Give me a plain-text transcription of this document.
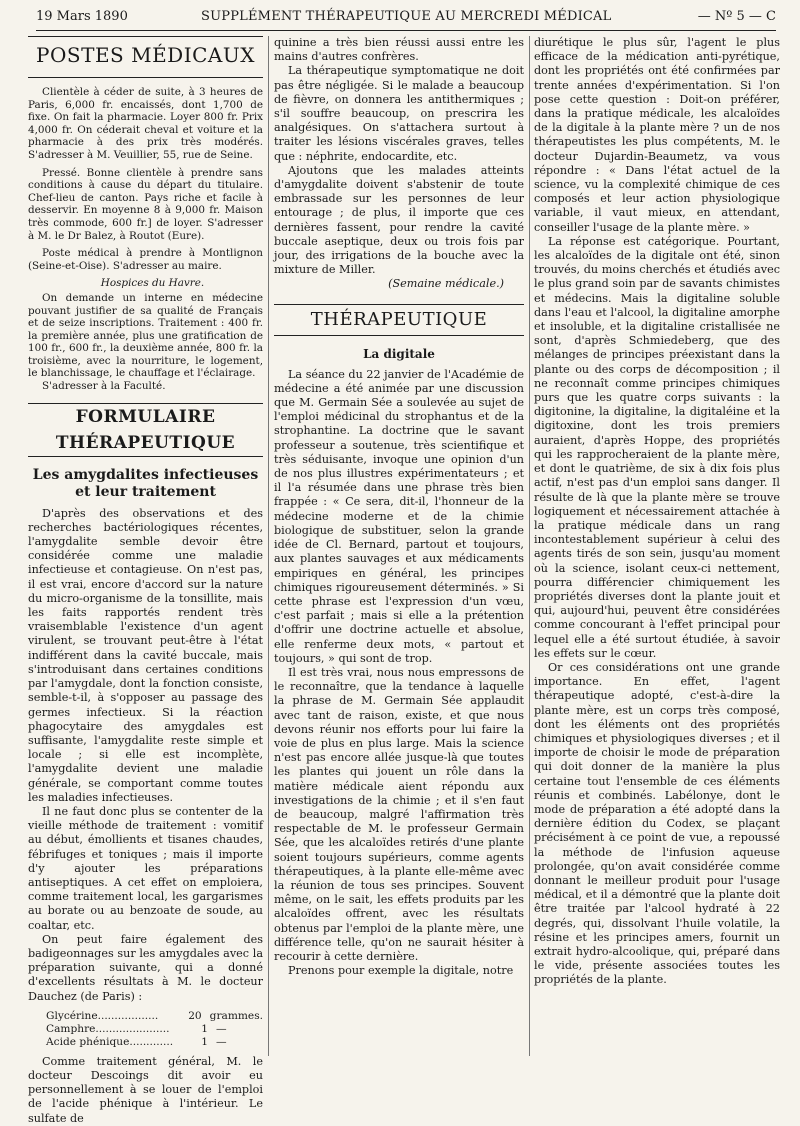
19 Mars 1890	SUPPLÉMENT THÉRAPEUTIQUE AU MERCREDI MÉDICAL	— Nº 5 — C
POSTES MÉDICAUX

Clientèle à céder de suite, à 3 heures de Paris, 6,000 fr. encaissés, dont 1,700 de fixe. On fait la pharmacie. Loyer 800 fr. Prix 4,000 fr. On céderait cheval et voiture et la pharmacie à des prix très modérés. S'adresser à M. Veuillier, 55, rue de Seine.

Pressé. Bonne clientèle à prendre sans conditions à cause du départ du titulaire. Chef-lieu de canton. Pays riche et facile à desservir. En moyenne 8 à 9,000 fr. Maison très commode, 600 fr.] de loyer. S'adresser à M. le Dr Balez, à Routot (Eure).

Poste médical à prendre à Montlignon (Seine-et-Oise). S'adresser au maire.

Hospices du Havre.

On demande un interne en médecine pouvant justifier de sa qualité de Français et de seize inscriptions. Traitement : 400 fr. la première année, plus une gratification de 100 fr., 600 fr., la deuxième année, 800 fr. la troisième, avec la nourriture, le logement, le blanchissage, le chauffage et l'éclairage.

S'adresser à la Faculté.

FORMULAIRE THÉRAPEUTIQUE
Les amygdalites infectieuses et leur traitement

D'après des observations et des recherches bactériologiques récentes, l'amygdalite semble devoir être considérée comme une maladie infectieuse et contagieuse. On n'est pas, il est vrai, encore d'accord sur la nature du micro-organisme de la tonsillite, mais les faits rapportés rendent très vraisemblable l'existence d'un agent virulent, se trouvant peut-être à l'état indifférent dans la cavité buccale, mais s'introduisant dans certaines conditions par l'amygdale, dont la fonction consiste, semble-t-il, à s'opposer au passage des germes infectieux. Si la réaction phagocytaire des amygdales est suffisante, l'amygdalite reste simple et locale ; si elle est incomplète, l'amygdalite devient une maladie générale, se comportant comme toutes les maladies infectieuses.

Il ne faut donc plus se contenter de la vieille méthode de traitement : vomitif au début, émollients et tisanes chaudes, fébrifuges et toniques ; mais il importe d'y ajouter les préparations antiseptiques. A cet effet on emploiera, comme traitement local, les gargarismes au borate ou au benzoate de soude, au coaltar, etc.

On peut faire également des badigeonnages sur les amygdales avec la préparation suivante, qui a donné d'excellents résultats à M. le docteur Dauchez (de Paris) :

Glycérine..................	20 grammes.
Camphre......................	1 —
Acide phénique.............	1 —

Comme traitement général, M. le docteur Descoings dit avoir eu personnellement à se louer de l'emploi de l'acide phénique à l'intérieur. Le sulfate de

quinine a très bien réussi aussi entre les mains d'autres confrères.

La thérapeutique symptomatique ne doit pas être négligée. Si le malade a beaucoup de fièvre, on donnera les antithermiques ; s'il souffre beaucoup, on prescrira les analgésiques. On s'attachera surtout à traiter les lésions viscérales graves, telles que : néphrite, endocardite, etc.

Ajoutons que les malades atteints d'amygdalite doivent s'abstenir de toute embrassade sur les personnes de leur entourage ; de plus, il importe que ces dernières fassent, pour rendre la cavité buccale aseptique, deux ou trois fois par jour, des irrigations de la bouche avec la mixture de Miller.

(Semaine médicale.)

THÉRAPEUTIQUE
La digitale

La séance du 22 janvier de l'Académie de médecine a été animée par une discussion que M. Germain Sée a soulevée au sujet de l'emploi médicinal du strophantus et de la strophantine. La doctrine que le savant professeur a soutenue, très scientifique et très séduisante, invoque une opinion d'un de nos plus illustres expérimentateurs ; et il l'a résumée dans une phrase très bien frappée : « Ce sera, dit-il, l'honneur de la médecine moderne et de la chimie biologique de substituer, selon la grande idée de Cl. Bernard, partout et toujours, aux plantes sauvages et aux médicaments empiriques en général, les principes chimiques rigoureusement déterminés. » Si cette phrase est l'expression d'un vœu, c'est parfait ; mais si elle a la prétention d'offrir une doctrine actuelle et absolue, elle renferme deux mots, « partout et toujours, » qui sont de trop.

Il est très vrai, nous nous empressons de le reconnaître, que la tendance à laquelle la phrase de M. Germain Sée applaudit avec tant de raison, existe, et que nous devons réunir nos efforts pour lui faire la voie de plus en plus large. Mais la science n'est pas encore allée jusque-là que toutes les plantes qui jouent un rôle dans la matière médicale aient répondu aux investigations de la chimie ; et il s'en faut de beaucoup, malgré l'affirmation très respectable de M. le professeur Germain Sée, que les alcaloïdes retirés d'une plante soient toujours supérieurs, comme agents thérapeutiques, à la plante elle-même avec la réunion de tous ses principes. Souvent même, on le sait, les effets produits par les alcaloïdes offrent, avec les résultats obtenus par l'emploi de la plante mère, une différence telle, qu'on ne saurait hésiter à recourir à cette dernière.

Prenons pour exemple la digitale, notre

diurétique le plus sûr, l'agent le plus efficace de la médication anti-pyrétique, dont les propriétés ont été confirmées par trente années d'expérimentation. Si l'on pose cette question : Doit-on préférer, dans la pratique médicale, les alcaloïdes de la digitale à la plante mère ? un de nos thérapeutistes les plus compétents, M. le docteur Dujardin-Beaumetz, va vous répondre : « Dans l'état actuel de la science, vu la complexité chimique de ces composés et leur action physiologique variable, il vaut mieux, en attendant, conseiller l'usage de la plante mère. »

La réponse est catégorique. Pourtant, les alcaloïdes de la digitale ont été, sinon trouvés, du moins cherchés et étudiés avec le plus grand soin par de savants chimistes et médecins. Mais la digitaline soluble dans l'eau et l'alcool, la digitaline amorphe et insoluble, et la digitaline cristallisée ne sont, d'après Schmiedeberg, que des mélanges de principes préexistant dans la plante ou des corps de décomposition ; il ne reconnaît comme principes chimiques purs que les quatre corps suivants : la digitonine, la digitaline, la digitaléine et la digitoxine, dont les trois premiers auraient, d'après Hoppe, des propriétés qui les rapprocheraient de la plante mère, et dont le quatrième, de six à dix fois plus actif, n'est pas d'un emploi sans danger. Il résulte de là que la plante mère se trouve logiquement et nécessairement attachée à la pratique médicale dans un rang incontestablement supérieur à celui des agents tirés de son sein, jusqu'au moment où la science, isolant ceux-ci nettement, pourra différencier chimiquement les propriétés diverses dont la plante jouit et qui, aujourd'hui, peuvent être considérées comme concourant à l'effet principal pour lequel elle a été surtout étudiée, à savoir les effets sur le cœur.

Or ces considérations ont une grande importance. En effet, l'agent thérapeutique adopté, c'est-à-dire la plante mère, est un corps très composé, dont les éléments ont des propriétés chimiques et physiologiques diverses ; et il importe de choisir le mode de préparation qui doit donner de la manière la plus certaine tout l'ensemble de ces éléments réunis et combinés. Labélonye, dont le mode de préparation a été adopté dans la dernière édition du Codex, se plaçant précisément à ce point de vue, a repoussé la méthode de l'infusion aqueuse prolongée, qu'on avait considérée comme donnant le meilleur produit pour l'usage médical, et il a démontré que la plante doit être traitée par l'alcool hydraté à 22 degrés, qui, dissolvant l'huile volatile, la résine et les principes amers, fournit un extrait hydro-alcoolique, qui, préparé dans le vide, présente associées toutes les propriétés de la plante.
